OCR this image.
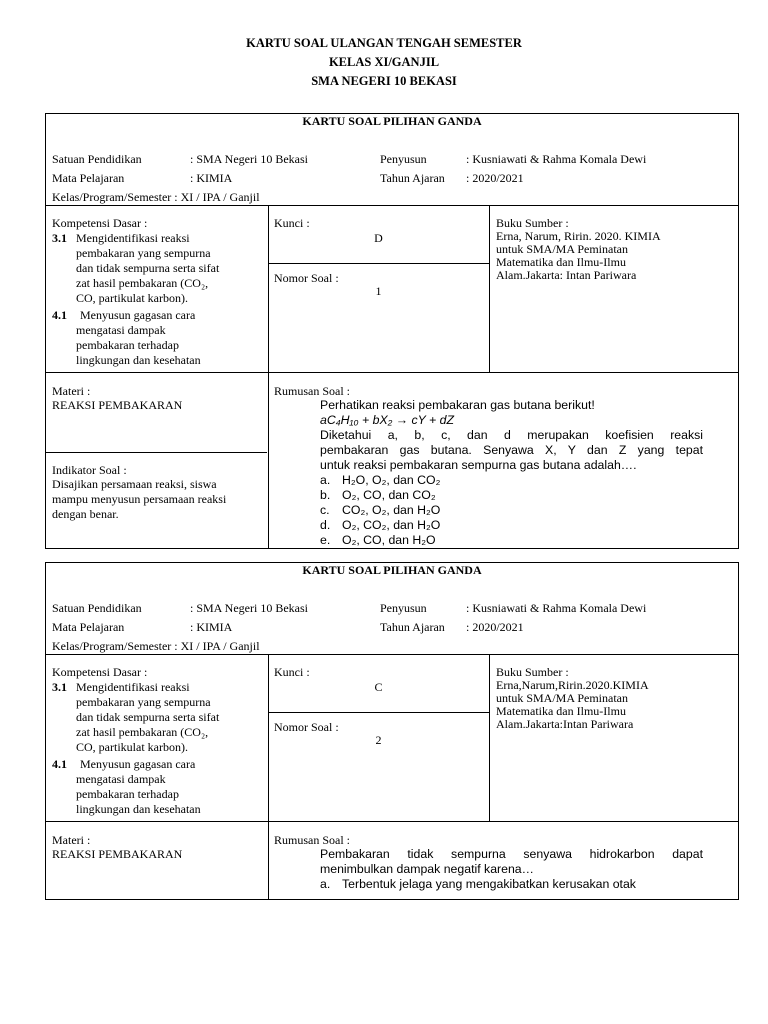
KARTU SOAL ULANGAN TENGAH SEMESTER
KELAS XI/GANJIL
SMA NEGERI 10 BEKASI
KARTU SOAL PILIHAN GANDA
Satuan Pendidikan	: SMA Negeri 10 Bekasi	Penyusun	: Kusniawati & Rahma Komala Dewi
Mata Pelajaran	: KIMIA	Tahun Ajaran : 2020/2021
Kelas/Program/Semester : XI / IPA / Ganjil
Kompetensi Dasar :
3.1 Mengidentifikasi reaksi
pembakaran yang sempurna
dan tidak sempurna serta sifat
zat hasil pembakaran (CO₂,
CO, partikulat karbon).
4.1 Menyusun gagasan cara
mengatasi dampak
pembakaran terhadap
lingkungan dan kesehatan
Kunci :
D
Nomor Soal :
1
Buku Sumber :
Erna, Narum, Ririn. 2020. KIMIA
untuk SMA/MA Peminatan
Matematika dan Ilmu-Ilmu
Alam.Jakarta: Intan Pariwara
Materi :
REAKSI PEMBAKARAN
Indikator Soal :
Disajikan persamaan reaksi, siswa
mampu menyusun persamaan reaksi
dengan benar.
Rumusan Soal :
Perhatikan reaksi pembakaran gas butana berikut!
aC₄H₁₀ + bX₂ → cY + dZ
Diketahui a, b, c, dan d merupakan koefisien reaksi
pembakaran gas butana. Senyawa X, Y dan Z yang tepat
untuk reaksi pembakaran sempurna gas butana adalah….
a. H₂O, O₂, dan CO₂
b. O₂, CO, dan CO₂
c. CO₂, O₂, dan H₂O
d. O₂, CO₂, dan H₂O
e. O₂, CO, dan H₂O
KARTU SOAL PILIHAN GANDA
Satuan Pendidikan	: SMA Negeri 10 Bekasi	Penyusun	: Kusniawati & Rahma Komala Dewi
Mata Pelajaran	: KIMIA	Tahun Ajaran : 2020/2021
Kelas/Program/Semester : XI / IPA / Ganjil
Kompetensi Dasar :
3.1 Mengidentifikasi reaksi
pembakaran yang sempurna
dan tidak sempurna serta sifat
zat hasil pembakaran (CO₂,
CO, partikulat karbon).
4.1 Menyusun gagasan cara
mengatasi dampak
pembakaran terhadap
lingkungan dan kesehatan
Kunci :
C
Nomor Soal :
2
Buku Sumber :
Erna,Narum,Ririn.2020.KIMIA
untuk SMA/MA Peminatan
Matematika dan Ilmu-Ilmu
Alam.Jakarta:Intan Pariwara
Materi :
REAKSI PEMBAKARAN
Rumusan Soal :
Pembakaran tidak sempurna senyawa hidrokarbon dapat
menimbulkan dampak negatif karena…
a. Terbentuk jelaga yang mengakibatkan kerusakan otak
